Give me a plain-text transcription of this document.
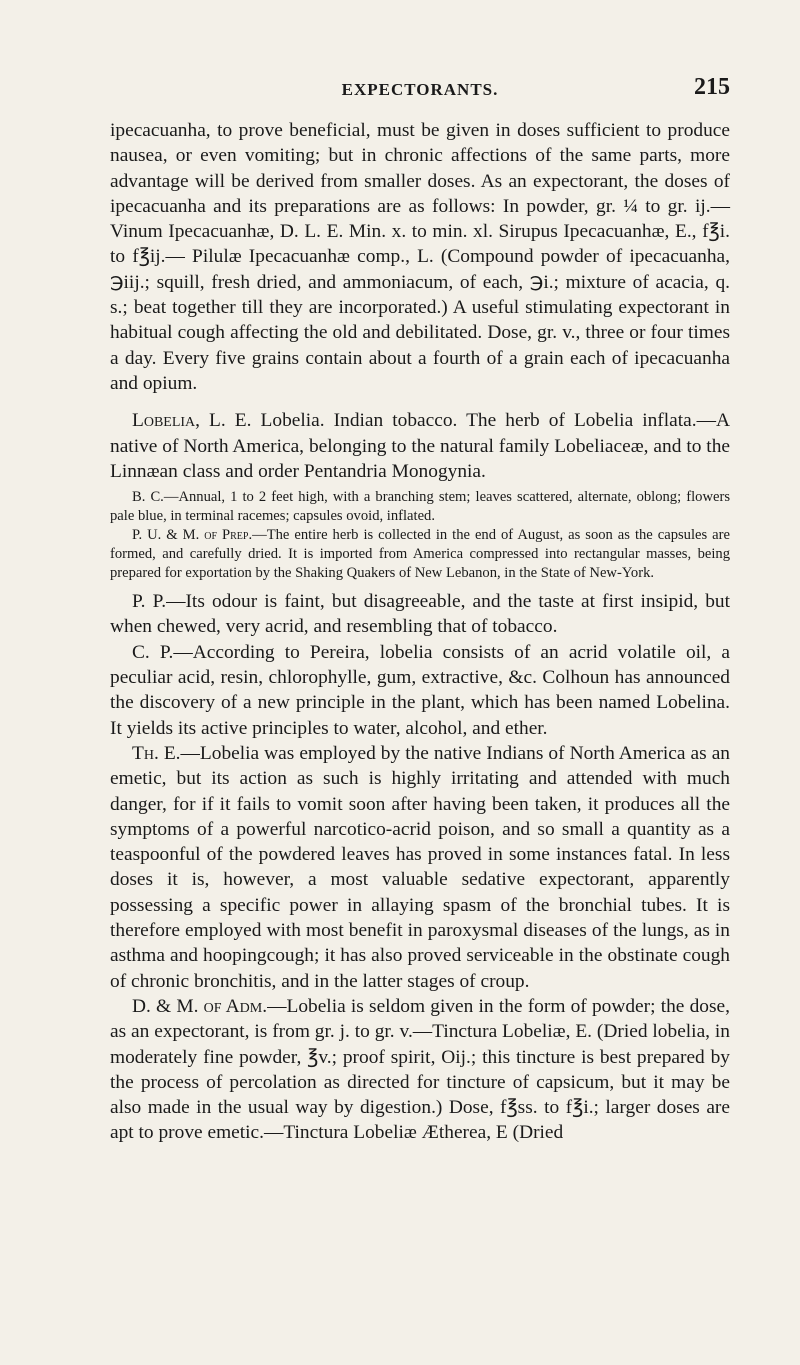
EXPECTORANTS.	215

ipecacuanha, to prove beneficial, must be given in doses sufficient to produce nausea, or even vomiting; but in chronic affections of the same parts, more advantage will be derived from smaller doses. As an expectorant, the doses of ipecacuanha and its preparations are as follows: In powder, gr. ¼ to gr. ij.—Vinum Ipecacuanhæ, D. L. E. Min. x. to min. xl. Sirupus Ipecacuanhæ, E., f℥i. to f℥ij.— Pilulæ Ipecacuanhæ comp., L. (Compound powder of ipecacuanha, ℈iij.; squill, fresh dried, and ammoniacum, of each, ℈i.; mixture of acacia, q. s.; beat together till they are incorporated.) A useful stimulating expectorant in habitual cough affecting the old and debilitated. Dose, gr. v., three or four times a day. Every five grains contain about a fourth of a grain each of ipecacuanha and opium.

Lobelia, L. E. Lobelia. Indian tobacco. The herb of Lobelia inflata.—A native of North America, belonging to the natural family Lobeliaceæ, and to the Linnæan class and order Pentandria Monogynia.

B. C.—Annual, 1 to 2 feet high, with a branching stem; leaves scattered, alternate, oblong; flowers pale blue, in terminal racemes; capsules ovoid, inflated.

P. U. & M. of Prep.—The entire herb is collected in the end of August, as soon as the capsules are formed, and carefully dried. It is imported from America compressed into rectangular masses, being prepared for exportation by the Shaking Quakers of New Lebanon, in the State of New-York.

P. P.—Its odour is faint, but disagreeable, and the taste at first insipid, but when chewed, very acrid, and resembling that of tobacco.

C. P.—According to Pereira, lobelia consists of an acrid volatile oil, a peculiar acid, resin, chlorophylle, gum, extractive, &c. Colhoun has announced the discovery of a new principle in the plant, which has been named Lobelina. It yields its active principles to water, alcohol, and ether.

Th. E.—Lobelia was employed by the native Indians of North America as an emetic, but its action as such is highly irritating and attended with much danger, for if it fails to vomit soon after having been taken, it produces all the symptoms of a powerful narcotico-acrid poison, and so small a quantity as a teaspoonful of the powdered leaves has proved in some instances fatal. In less doses it is, however, a most valuable sedative expectorant, apparently possessing a specific power in allaying spasm of the bronchial tubes. It is therefore employed with most benefit in paroxysmal diseases of the lungs, as in asthma and hoopingcough; it has also proved serviceable in the obstinate cough of chronic bronchitis, and in the latter stages of croup.

D. & M. of Adm.—Lobelia is seldom given in the form of powder; the dose, as an expectorant, is from gr. j. to gr. v.—Tinctura Lobeliæ, E. (Dried lobelia, in moderately fine powder, ℥v.; proof spirit, Oij.; this tincture is best prepared by the process of percolation as directed for tincture of capsicum, but it may be also made in the usual way by digestion.) Dose, f℥ss. to f℥i.; larger doses are apt to prove emetic.—Tinctura Lobeliæ Ætherea, E (Dried
